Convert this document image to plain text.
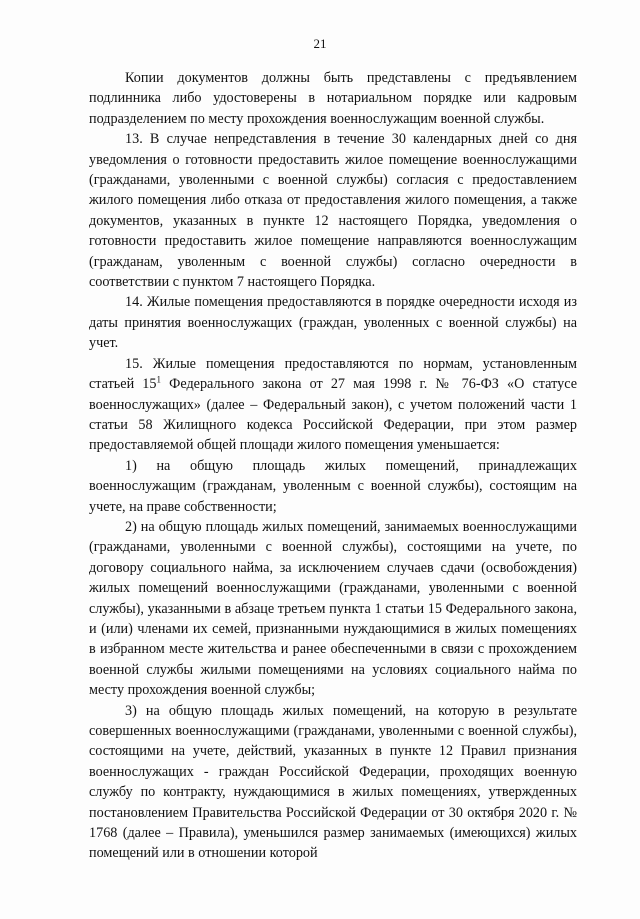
21

Копии документов должны быть представлены с предъявлением подлинника либо удостоверены в нотариальном порядке или кадровым подразделением по месту прохождения военнослужащим военной службы.

13. В случае непредставления в течение 30 календарных дней со дня уведомления о готовности предоставить жилое помещение военнослужащими (гражданами, уволенными с военной службы) согласия с предоставлением жилого помещения либо отказа от предоставления жилого помещения, а также документов, указанных в пункте 12 настоящего Порядка, уведомления о готовности предоставить жилое помещение направляются военнослужащим (гражданам, уволенным с военной службы) согласно очередности в соответствии с пунктом 7 настоящего Порядка.

14. Жилые помещения предоставляются в порядке очередности исходя из даты принятия военнослужащих (граждан, уволенных с военной службы) на учет.

15. Жилые помещения предоставляются по нормам, установленным статьей $15^1$ Федерального закона от 27 мая 1998 г. № 76-ФЗ «О статусе военнослужащих» (далее – Федеральный закон), с учетом положений части 1 статьи 58 Жилищного кодекса Российской Федерации, при этом размер предоставляемой общей площади жилого помещения уменьшается:

1) на общую площадь жилых помещений, принадлежащих военнослужащим (гражданам, уволенным с военной службы), состоящим на учете, на праве собственности;

2) на общую площадь жилых помещений, занимаемых военнослужащими (гражданами, уволенными с военной службы), состоящими на учете, по договору социального найма, за исключением случаев сдачи (освобождения) жилых помещений военнослужащими (гражданами, уволенными с военной службы), указанными в абзаце третьем пункта 1 статьи 15 Федерального закона, и (или) членами их семей, признанными нуждающимися в жилых помещениях в избранном месте жительства и ранее обеспеченными в связи с прохождением военной службы жилыми помещениями на условиях социального найма по месту прохождения военной службы;

3) на общую площадь жилых помещений, на которую в результате совершенных военнослужащими (гражданами, уволенными с военной службы), состоящими на учете, действий, указанных в пункте 12 Правил признания военнослужащих - граждан Российской Федерации, проходящих военную службу по контракту, нуждающимися в жилых помещениях, утвержденных постановлением Правительства Российской Федерации от 30 октября 2020 г. № 1768 (далее – Правила), уменьшился размер занимаемых (имеющихся) жилых помещений или в отношении которой
